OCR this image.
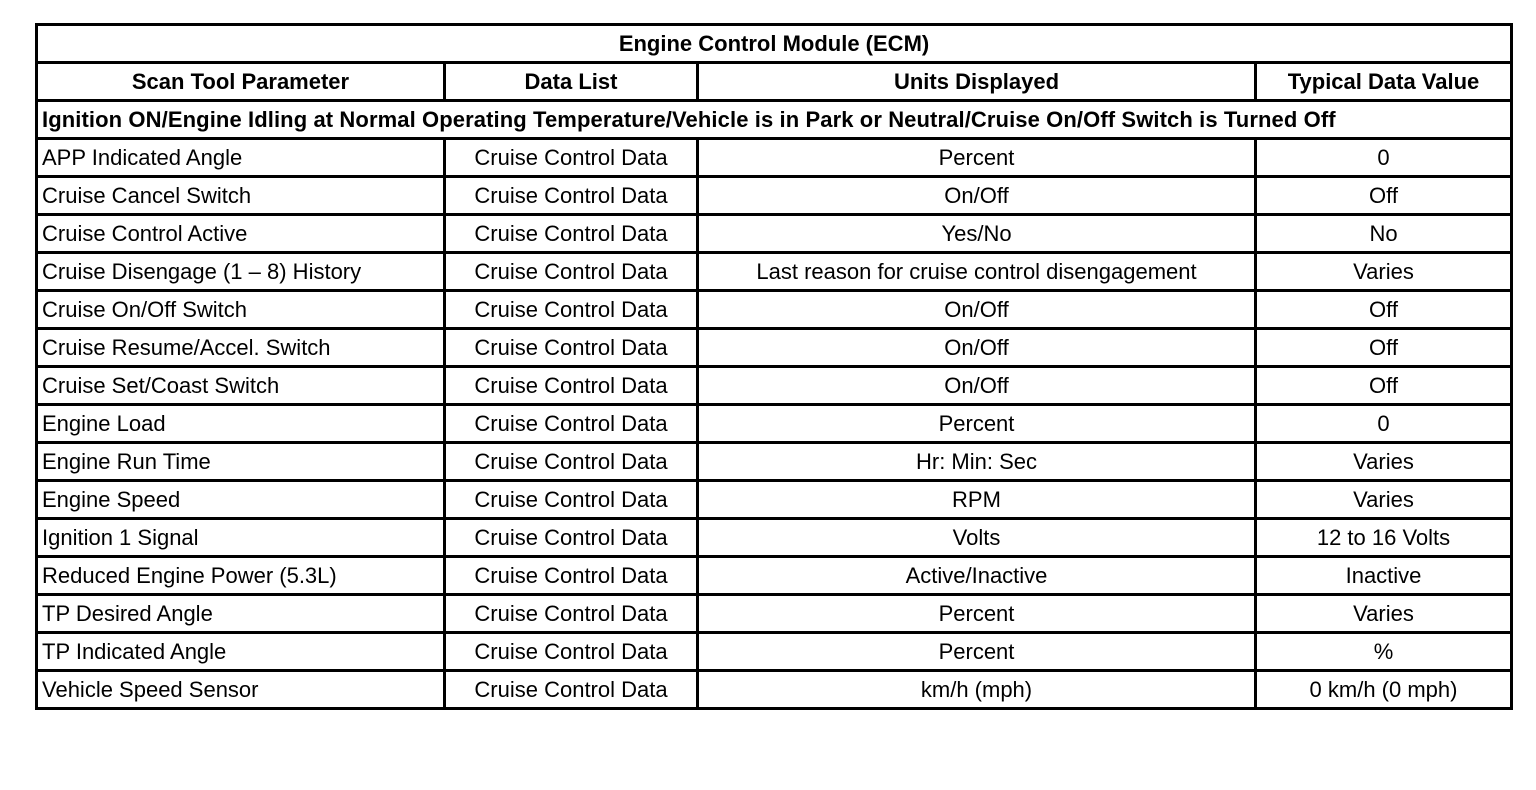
Engine Control Module (ECM)			
Scan Tool Parameter	Data List	Units Displayed	Typical Data Value
Ignition ON/Engine Idling at Normal Operating Temperature/Vehicle is in Park or Neutral/Cruise On/Off Switch is Turned Off			
APP Indicated Angle	Cruise Control Data	Percent	0
Cruise Cancel Switch	Cruise Control Data	On/Off	Off
Cruise Control Active	Cruise Control Data	Yes/No	No
Cruise Disengage (1 – 8) History	Cruise Control Data	Last reason for cruise control disengagement	Varies
Cruise On/Off Switch	Cruise Control Data	On/Off	Off
Cruise Resume/Accel. Switch	Cruise Control Data	On/Off	Off
Cruise Set/Coast Switch	Cruise Control Data	On/Off	Off
Engine Load	Cruise Control Data	Percent	0
Engine Run Time	Cruise Control Data	Hr: Min: Sec	Varies
Engine Speed	Cruise Control Data	RPM	Varies
Ignition 1 Signal	Cruise Control Data	Volts	12 to 16 Volts
Reduced Engine Power (5.3L)	Cruise Control Data	Active/Inactive	Inactive
TP Desired Angle	Cruise Control Data	Percent	Varies
TP Indicated Angle	Cruise Control Data	Percent	%
Vehicle Speed Sensor	Cruise Control Data	km/h (mph)	0 km/h (0 mph)
